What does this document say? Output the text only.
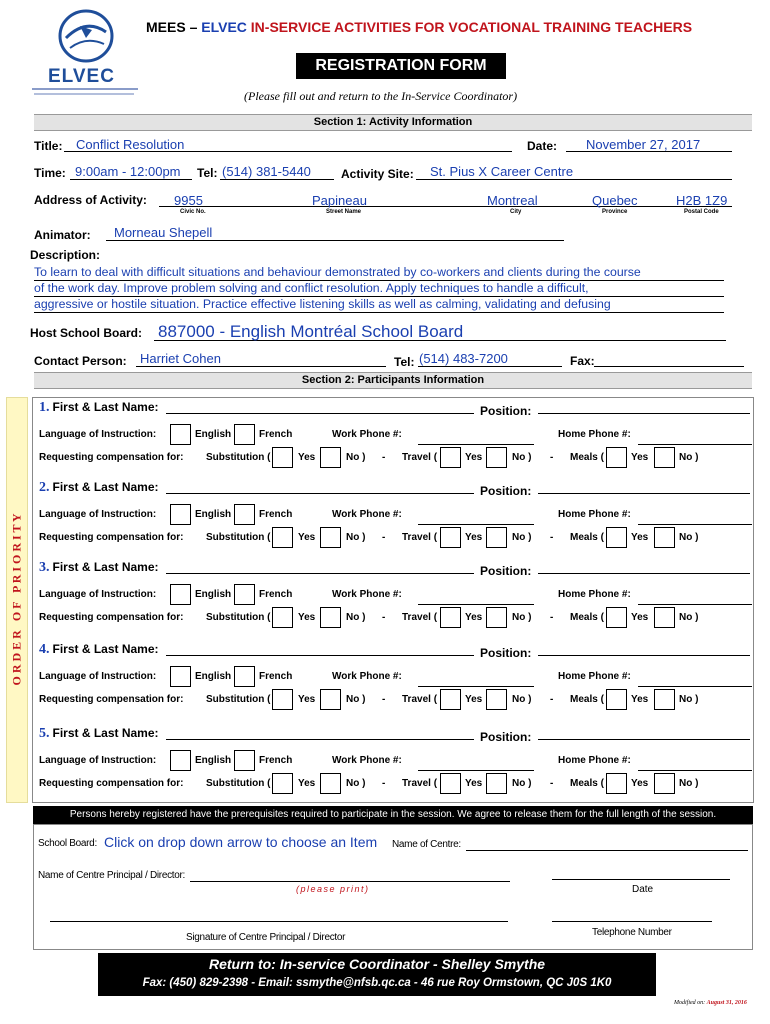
ELVEC
MEES – ELVEC IN-SERVICE ACTIVITIES FOR VOCATIONAL TRAINING TEACHERS
REGISTRATION FORM
(Please fill out and return to the In-Service Coordinator)
Section 1: Activity Information
Title: Conflict Resolution	Date: November 27, 2017
Time: 9:00am - 12:00pm Tel: (514) 381-5440	Activity Site: St. Pius X Career Centre
Address of Activity: 9955	Papineau	Montreal	Quebec	H2B 1Z9
Civic No.	Street Name	City	Province	Postal Code
Animator: Morneau Shepell
Description:
To learn to deal with difficult situations and behaviour demonstrated by co-workers and clients during the course
of the work day. Improve problem solving and conflict resolution. Apply techniques to handle a difficult,
aggressive or hostile situation. Practice effective listening skills as well as calming, validating and defusing
Host School Board: 887000 - English Montréal School Board
Contact Person: Harriet Cohen	Tel: (514) 483-7200	Fax:
Section 2: Participants Information
O R D E R   O F   P R I O R I T Y
1. First & Last Name:	Position:
Language of Instruction:	English	French	Work Phone #:	Home Phone #:
Requesting compensation for: Substitution (	Yes	No ) - Travel (	Yes	No ) - Meals (	Yes	No )
2. First & Last Name:	Position:
Language of Instruction:	English	French	Work Phone #:	Home Phone #:
Requesting compensation for: Substitution (	Yes	No ) - Travel (	Yes	No ) - Meals (	Yes	No )
3. First & Last Name:	Position:
Language of Instruction:	English	French	Work Phone #:	Home Phone #:
Requesting compensation for: Substitution (	Yes	No ) - Travel (	Yes	No ) - Meals (	Yes	No )
4. First & Last Name:	Position:
Language of Instruction:	English	French	Work Phone #:	Home Phone #:
Requesting compensation for: Substitution (	Yes	No ) - Travel (	Yes	No ) - Meals (	Yes	No )
5. First & Last Name:	Position:
Language of Instruction:	English	French	Work Phone #:	Home Phone #:
Requesting compensation for: Substitution (	Yes	No ) - Travel (	Yes	No ) - Meals (	Yes	No )
Persons hereby registered have the prerequisites required to participate in the session. We agree to release them for the full length of the session.
School Board: Click on drop down arrow to choose an Item Name of Centre:
Name of Centre Principal / Director:
(please print)	Date
Signature of Centre Principal / Director	Telephone Number
Return to: In-service Coordinator - Shelley Smythe
Fax: (450) 829-2398 - Email: ssmythe@nfsb.qc.ca - 46 rue Roy Ormstown, QC J0S 1K0
Modified on: August 31, 2016
